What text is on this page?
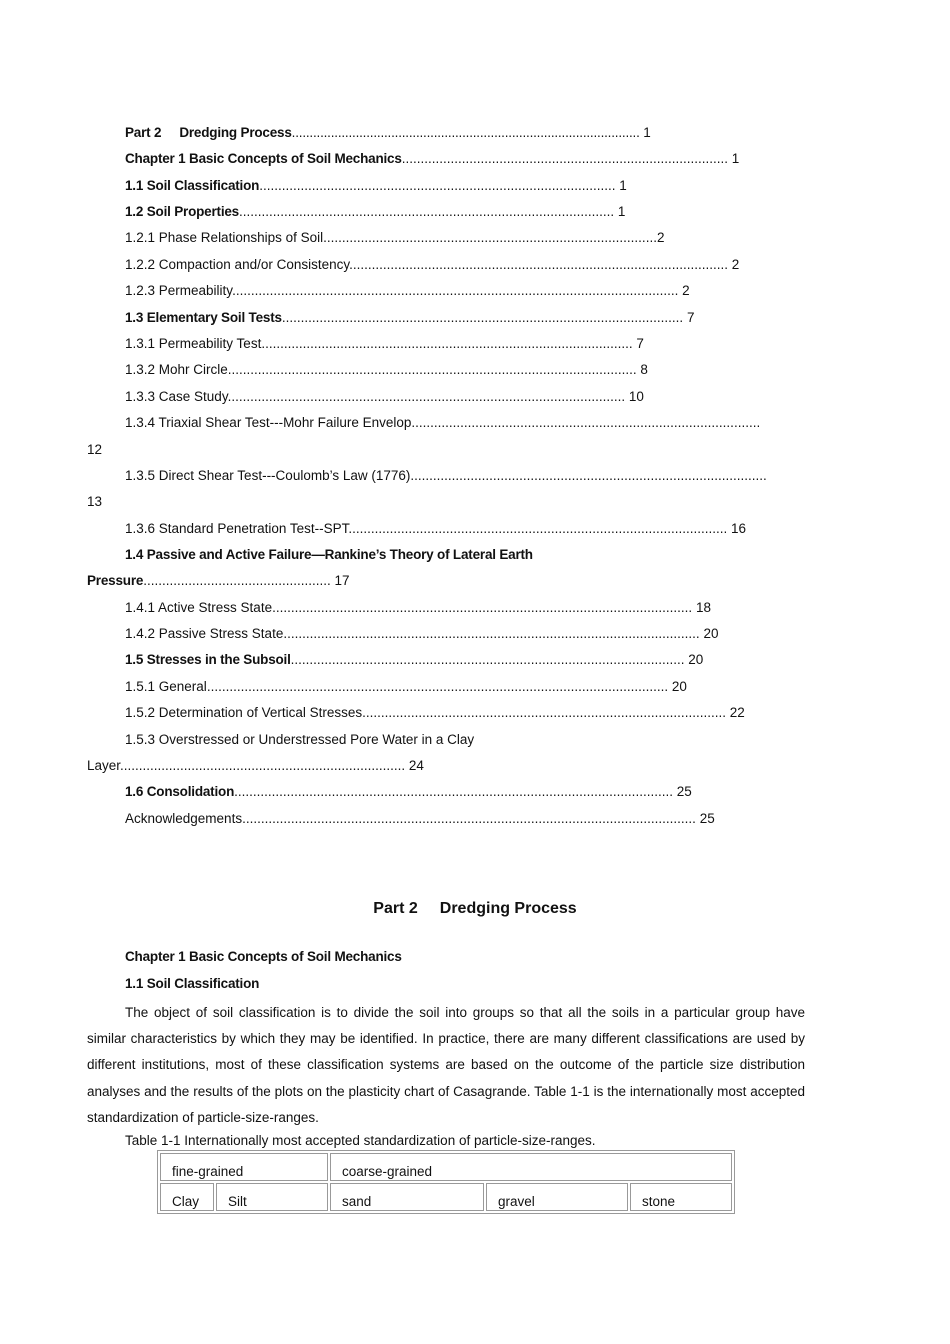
Part 2 Dredging Process.................................................................................................. 1
Chapter 1 Basic Concepts of Soil Mechanics....................................................................................... 1
1.1 Soil Classification............................................................................................... 1
1.2 Soil Properties.................................................................................................... 1
1.2.1 Phase Relationships of Soil.........................................................................................2
1.2.2 Compaction and/or Consistency..................................................................................................... 2
1.2.3 Permeability....................................................................................................................... 2
1.3 Elementary Soil Tests........................................................................................................... 7
1.3.1 Permeability Test................................................................................................... 7
1.3.2 Mohr Circle............................................................................................................. 8
1.3.3 Case Study.......................................................................................................... 10
1.3.4 Triaxial Shear Test---Mohr Failure Envelop.............................................................................................
12
1.3.5 Direct Shear Test---Coulomb’s Law (1776)...............................................................................................
13
1.3.6 Standard Penetration Test--SPT..................................................................................................... 16
1.4 Passive and Active Failure—Rankine’s Theory of Lateral Earth
Pressure.................................................. 17
1.4.1 Active Stress State................................................................................................................ 18
1.4.2 Passive Stress State............................................................................................................... 20
1.5 Stresses in the Subsoil......................................................................................................... 20
1.5.1 General........................................................................................................................... 20
1.5.2 Determination of Vertical Stresses................................................................................................. 22
1.5.3 Overstressed or Understressed Pore Water in a Clay
Layer............................................................................ 24
1.6 Consolidation..................................................................................................................... 25
Acknowledgements......................................................................................................................... 25
Part 2 Dredging Process
Chapter 1 Basic Concepts of Soil Mechanics
1.1 Soil Classification
The object of soil classification is to divide the soil into groups so that all the soils in a particular group have similar characteristics by which they may be identified. In practice, there are many different classifications are used by different institutions, most of these classification systems are based on the outcome of the particle size distribution analyses and the results of the plots on the plasticity chart of Casagrande. Table 1-1 is the internationally most accepted standardization of particle-size-ranges.
Table 1-1 Internationally most accepted standardization of particle-size-ranges.
fine-grained		coarse-grained		
Clay	Silt	sand	gravel	stone
